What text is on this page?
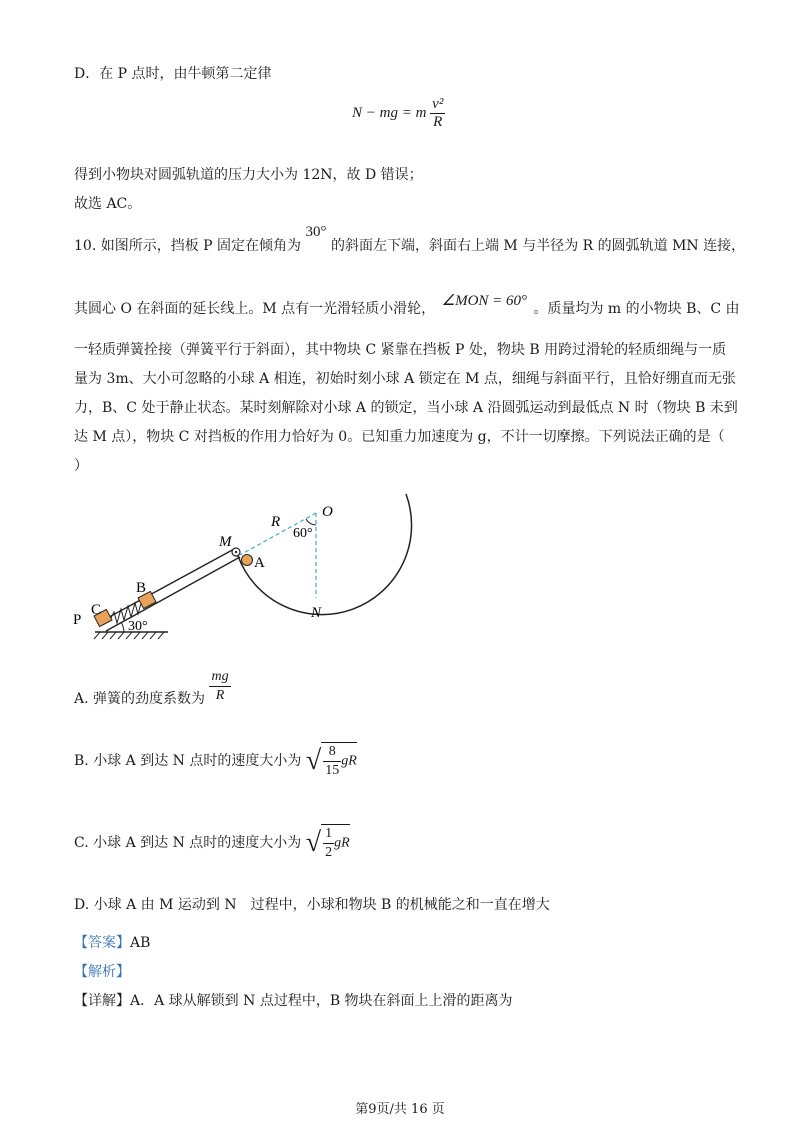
D．在 P 点时，由牛顿第二定律
N − mg = m $\frac{\text{v²}}{R}$
得到小物块对圆弧轨道的压力大小为 12N，故 D 错误；
故选 AC。
10. 如图所示，挡板 P 固定在倾角为 30° 的斜面左下端，斜面右上端 M 与半径为 R 的圆弧轨道 MN 连接，
其圆心 O 在斜面的延长线上。M 点有一光滑轻质小滑轮， ∠MON = 60° 。质量均为 m 的小物块 B、C 由
一轻质弹簧拴接（弹簧平行于斜面），其中物块 C 紧靠在挡板 P 处，物块 B 用跨过滑轮的轻质细绳与一质
量为 3m、大小可忽略的小球 A 相连，初始时刻小球 A 锁定在 M 点，细绳与斜面平行，且恰好绷直而无张
力，B、C 处于静止状态。某时刻解除对小球 A 的锁定，当小球 A 沿圆弧运动到最低点 N 时（物块 B 未到
达 M 点），物块 C 对挡板的作用力恰好为 0。已知重力加速度为 g，不计一切摩擦。下列说法正确的是（
）
O
R
60°
M
A
B
C
P	30°
N
A. 弹簧的劲度系数为 $\frac{mg}{R}$
B. 小球 A 到达 N 点时的速度大小为 √ $\frac{8}{15}$ gR
C. 小球 A 到达 N 点时的速度大小为 √ $\frac{1}{2}$ gR
D. 小球 A 由 M 运动到 N　过程中，小球和物块 B 的机械能之和一直在增大
【答案】AB
【解析】
【详解】A．A 球从解锁到 N 点过程中，B 物块在斜面上上滑的距离为
第9页/共 16 页
